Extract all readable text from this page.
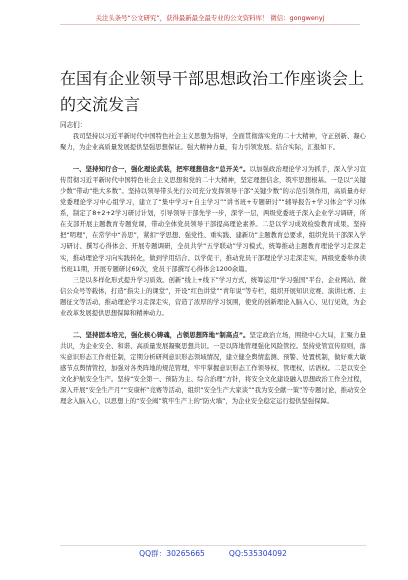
关注头条号“公文研究”，获得最新最全最专业的公文资料库！ 微信：gongwenyj
在国有企业领导干部思想政治工作座谈会上的交流发言
同志们：

我司坚持以习近平新时代中国特色社会主义思想为指导，全面贯彻落实党的二十大精神，守正创新、凝心聚力，为企业高质量发展提供坚强思想保证。强大精神力量，有力引领发展。结合实际，汇报如下。

一、坚持知行合一，强化理论武装，把牢理想信念“总开关”。以加强政治理论学习为抓手，深入学习宣传贯彻习近平新时代中国特色社会主义思想和党的二十大精神，坚定理想信念，筑牢思想根基。一是以“关键少数”带动“绝大多数”。坚持以领导带头先行公司充分发挥领导干部“关键少数”的示范引领作用，高质量办好党委理论学习中心组学习，建立了“集中学习+自主学习”“讲书班+专题研讨”“辅导报告+学习体会”学习体系，制定了8+2+2学习研讨计划，引导领导干部先学一步，深学一层，两级党委班子深入企业学习调研，所在支部开展主题教育专题党课，带动全体党员领导干部提高理论素养。二是以学习成效检验教育成果。坚持把“明理”，在常学中“善思”，紧扣“学思想、强党性、重实践、建新功”主题教育总要求，组织党员干部深入学习研讨、撰写心得体会、开展专题调研，全员共学“五学联动”学习模式，统筹推动主题教育理论学习走深走实，推动理论学习向实践转化，做到学用结合、以学促干，推动党员干部理论学习走深走实，两级党委举办读书班11期，开展专题研讨69次，党员干部撰写心得体会1200余篇。

三是以多样化形式提升学习质效。创新“线上+线下”学习方式，统筹运用“学习强国”平台、企业网站、微信公众号等载体，打造“指尖上的课堂”，开设“红色讲堂”“青年说”等专栏，组织开展知识竞赛、演讲比赛、主题征文等活动，推动理论学习走深走实，营造了浓厚的学习氛围，使党的创新理论入脑入心、见行见效，为企业改革发展提供思想保障和精神动力。

二、坚持固本培元，强化核心铸魂，占领思想阵地“制高点”。坚定政治立场，围绕中心大局，汇聚力量共识，为企业安全、和谐、高质量发展凝聚思想共识。一是以阵地管理强化风险管控。坚持党管宣传原则，落实意识形态工作责任制，定期分析研判意识形态领域情况，建立健全舆情监测、预警、处置机制，做好重大敏感节点舆情管控，加强对各类阵地的规范管理，牢牢掌握意识形态工作领导权、管理权、话语权。二是以安全文化护航安全生产。坚持“安全第一、预防为主、综合治理”方针，将安全文化建设融入思想政治工作全过程，深入开展“安全生产月”“安康杯”竞赛等活动，组织“安全生产大家谈”“我为安全献一策”等专题讨论，推动安全理念入脑入心，以思想上的“安全阀”筑牢生产上的“防火墙”，为企业安全稳定运行提供坚强保障。

QQ群：30265665	QQ:535304092
